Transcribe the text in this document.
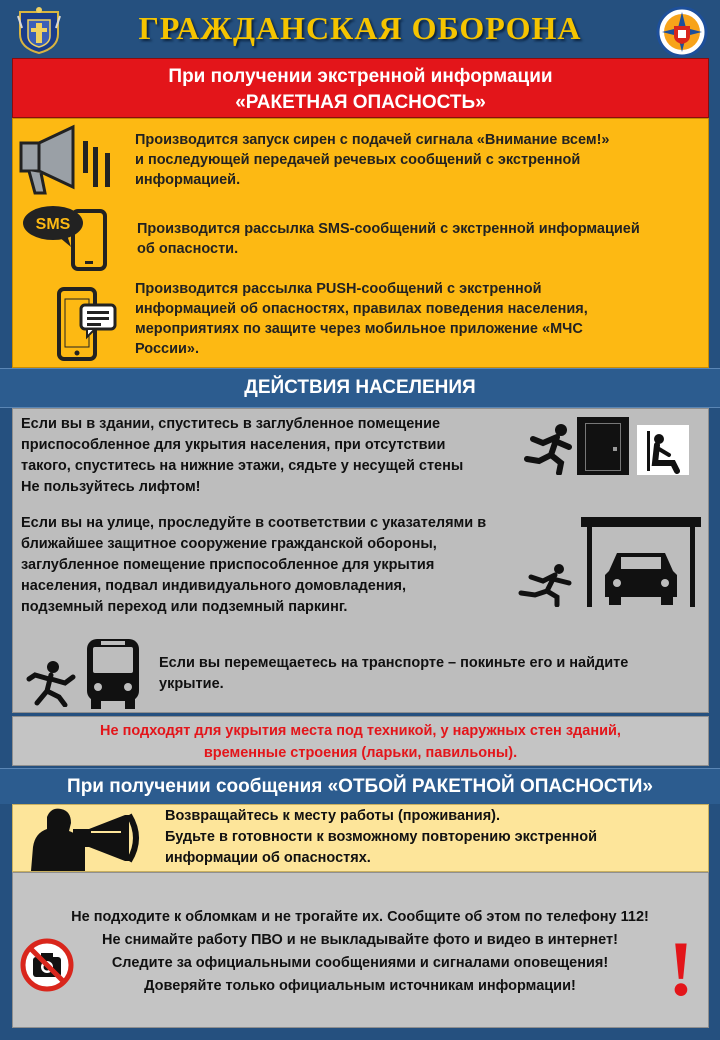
ГРАЖДАНСКАЯ ОБОРОНА
При получении экстренной информации
«РАКЕТНАЯ ОПАСНОСТЬ»
Производится запуск сирен с подачей сигнала «Внимание всем!»
и последующей передачей речевых сообщений с экстренной
информацией.
SMS	Производится рассылка SMS-сообщений с экстренной информацией
об опасности.
Производится рассылка PUSH-сообщений с экстренной
информацией об опасностях, правилах поведения населения,
мероприятиях по защите через мобильное приложение «МЧС
России».
ДЕЙСТВИЯ НАСЕЛЕНИЯ
Если вы в здании, спуститесь в заглубленное помещение
приспособленное для укрытия населения, при отсутствии
такого, спуститесь на нижние этажи, сядьте у несущей стены
Не пользуйтесь лифтом!
Если вы на улице, проследуйте в соответствии с указателями в
ближайшее защитное сооружение гражданской обороны,
заглубленное помещение приспособленное для укрытия
населения, подвал индивидуального домовладения,
подземный переход или подземный паркинг.
Если вы перемещаетесь на транспорте – покиньте его и найдите
укрытие.
Не подходят для укрытия места под техникой, у наружных стен зданий,
временные строения (ларьки, павильоны).
При получении сообщения «ОТБОЙ РАКЕТНОЙ ОПАСНОСТИ»
Возвращайтесь к месту работы (проживания).
Будьте в готовности к возможному повторению экстренной
информации об опасностях.
Не подходите к обломкам и не трогайте их. Сообщите об этом по телефону 112!
Не снимайте работу ПВО и не выкладывайте фото и видео в интернет!
Следите за официальными сообщениями и сигналами оповещения!
Доверяйте только официальным источникам информации!	!
